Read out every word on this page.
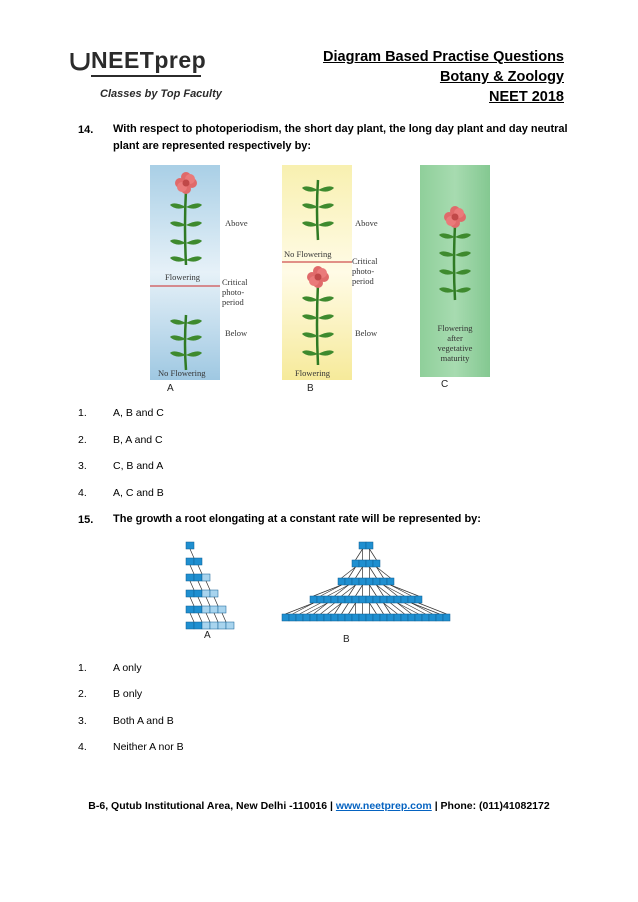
NEETprep
Classes by Top Faculty
Diagram Based Practise Questions
Botany & Zoology
NEET 2018
14. With respect to photoperiodism, the short day plant, the long day plant and day neutral plant are represented respectively by:
Flowering
No Flowering
Above
Critical
photo-
period
Below
A
No Flowering
Flowering
Above
Critical
photo-
period
Below
B
Flowering
after
vegetative
maturity
C
1. A, B and C
2. B, A and C
3. C, B and A
4. A, C and B
15. The growth a root elongating at a constant rate will be represented by:
A	B
1. A only
2. B only
3. Both A and B
4. Neither A nor B
B-6, Qutub Institutional Area, New Delhi -110016 | www.neetprep.com | Phone: (011)41082172
